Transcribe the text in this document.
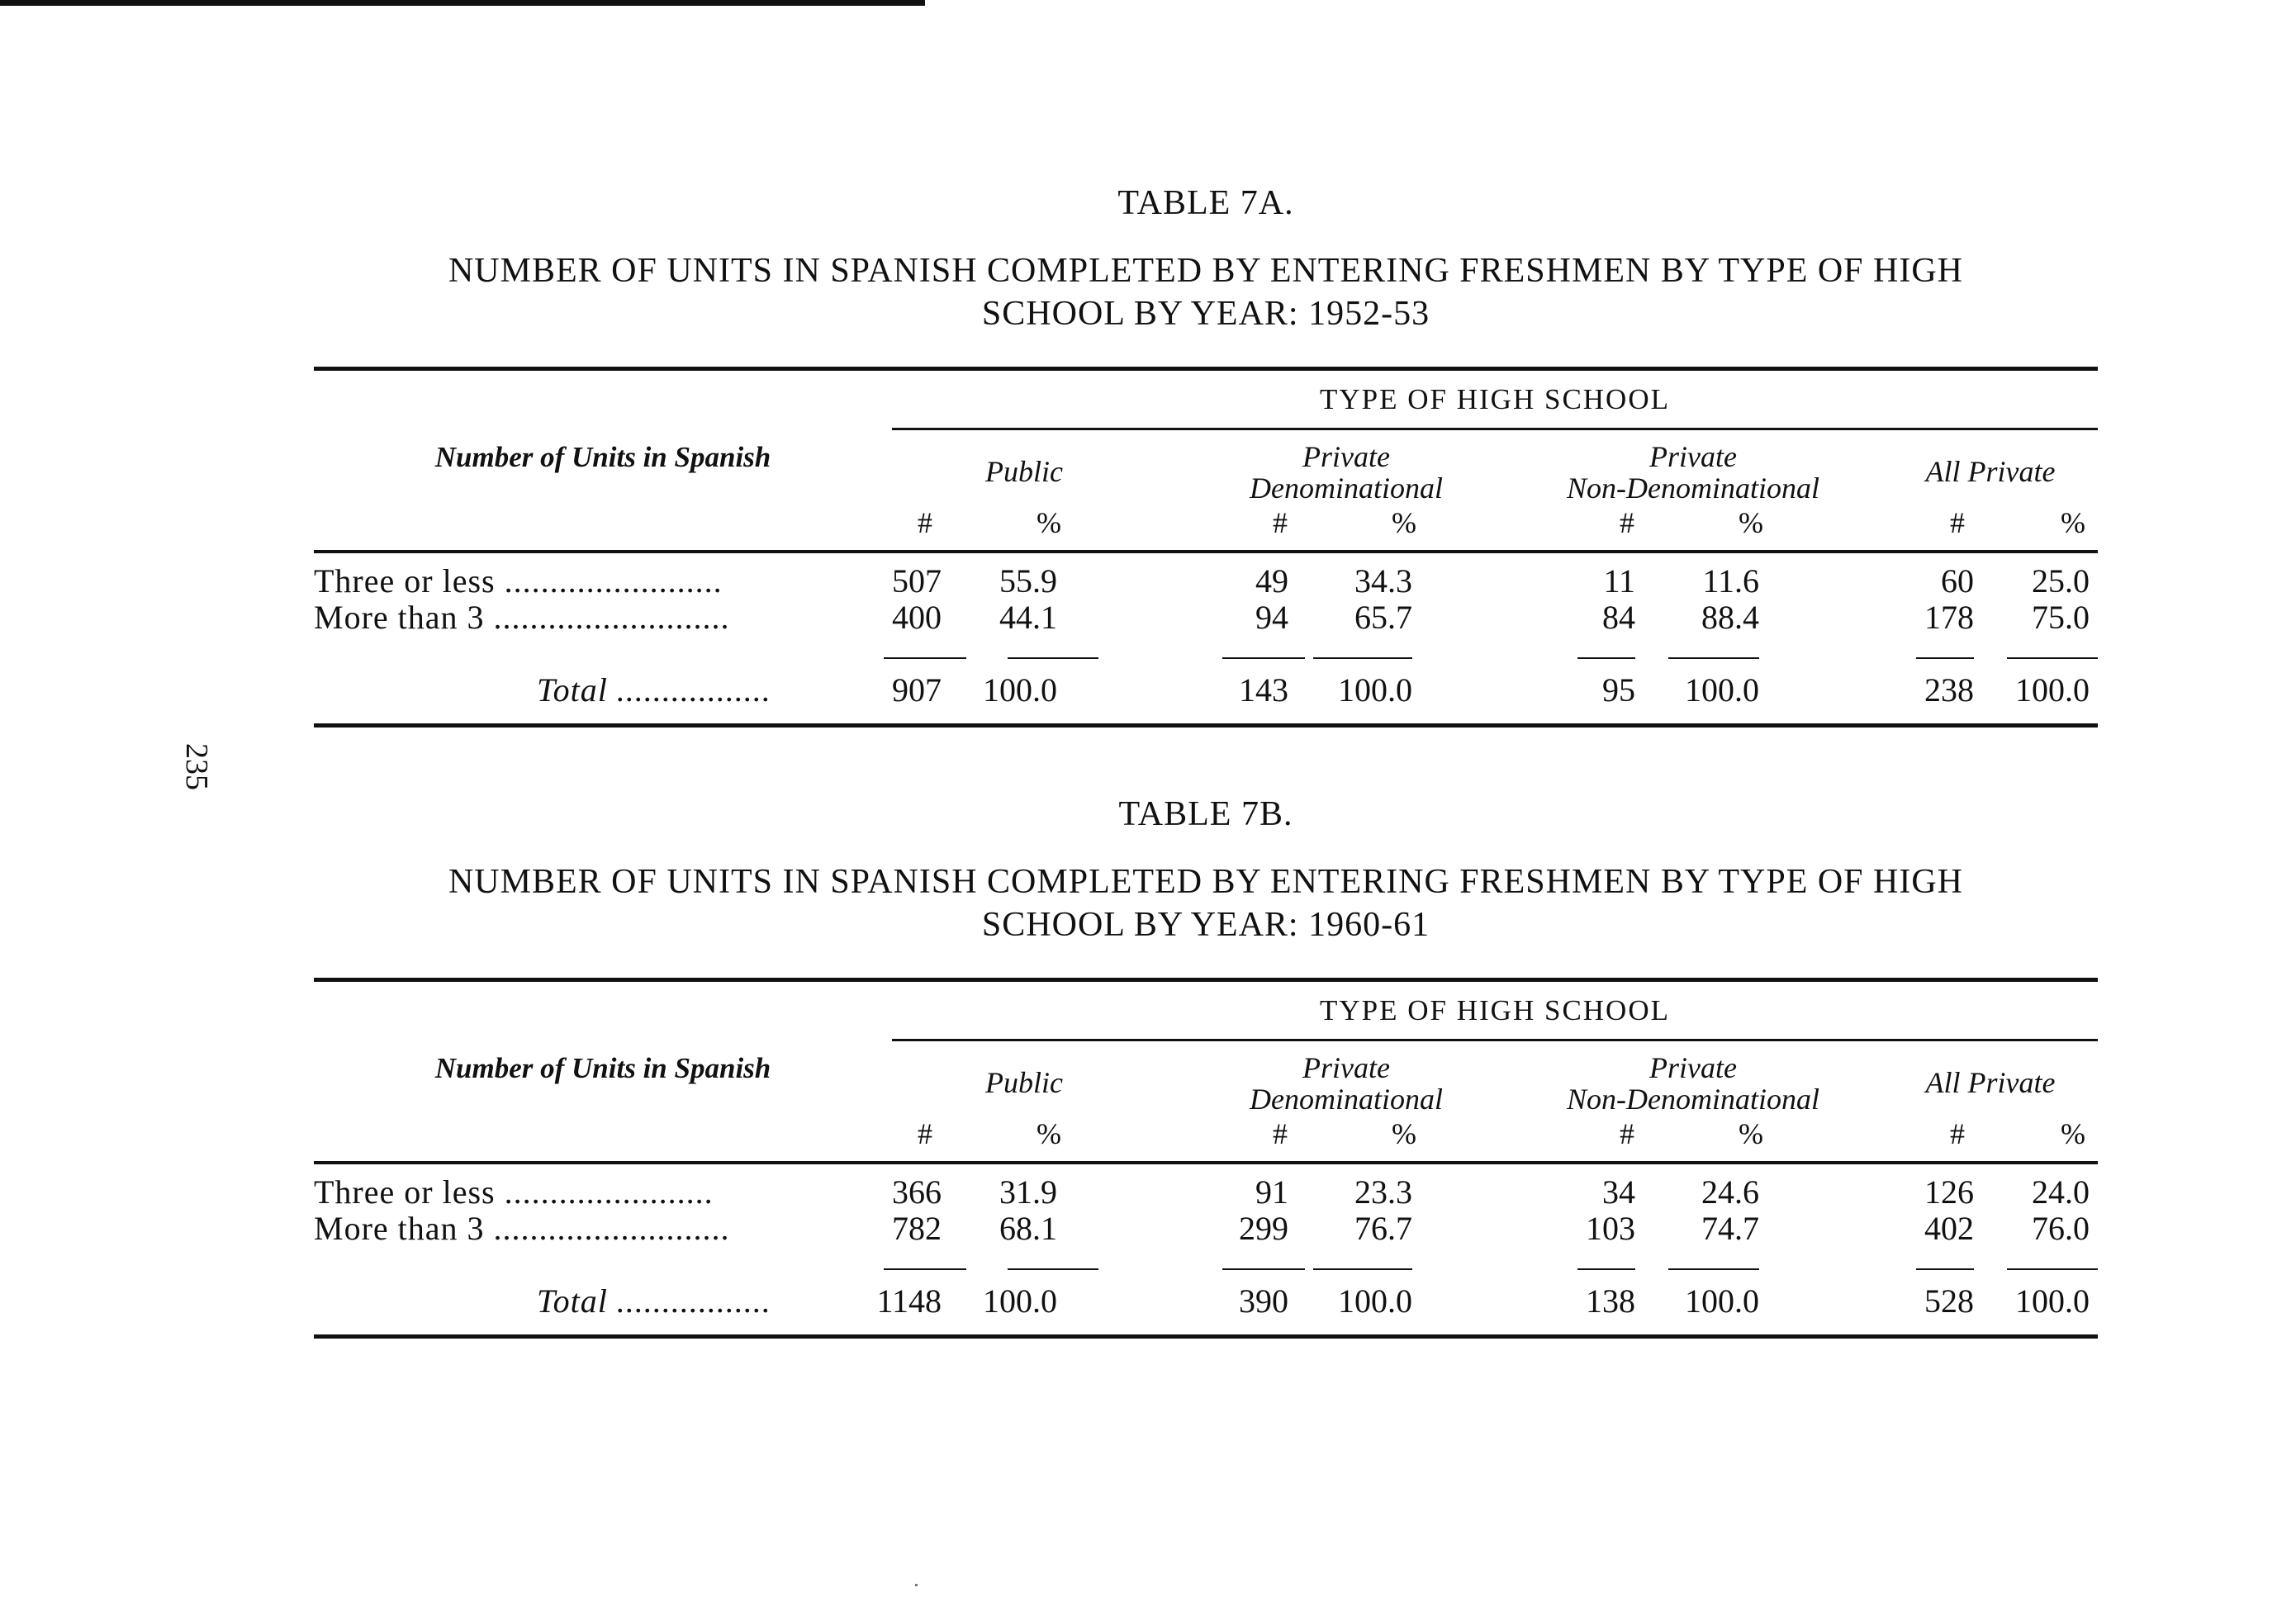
235
TABLE 7A.
NUMBER OF UNITS IN SPANISH COMPLETED BY ENTERING FRESHMEN BY TYPE OF HIGH
SCHOOL BY YEAR: 1952-53
TYPE OF HIGH SCHOOL
Number of Units in Spanish	Public	Private
Denominational
Private
Non-Denominational	All Private
#	%	#	%	#	%	#	%
Three or less ........................	507	55.9	49	34.3	11	11.6	60	25.0
More than 3 ..........................	400	44.1	94	65.7	84	88.4	178	75.0
Total .................	907	100.0	143	100.0	95	100.0	238	100.0
TABLE 7B.
NUMBER OF UNITS IN SPANISH COMPLETED BY ENTERING FRESHMEN BY TYPE OF HIGH
SCHOOL BY YEAR: 1960-61
TYPE OF HIGH SCHOOL
Number of Units in Spanish	Public	Private
Denominational
Private
Non-Denominational	All Private
#	%	#	%	#	%	#	%
Three or less .......................	366	31.9	91	23.3	34	24.6	126	24.0
More than 3 ..........................	782	68.1	299	76.7	103	74.7	402	76.0
Total .................	1148	100.0	390	100.0	138	100.0	528	100.0
